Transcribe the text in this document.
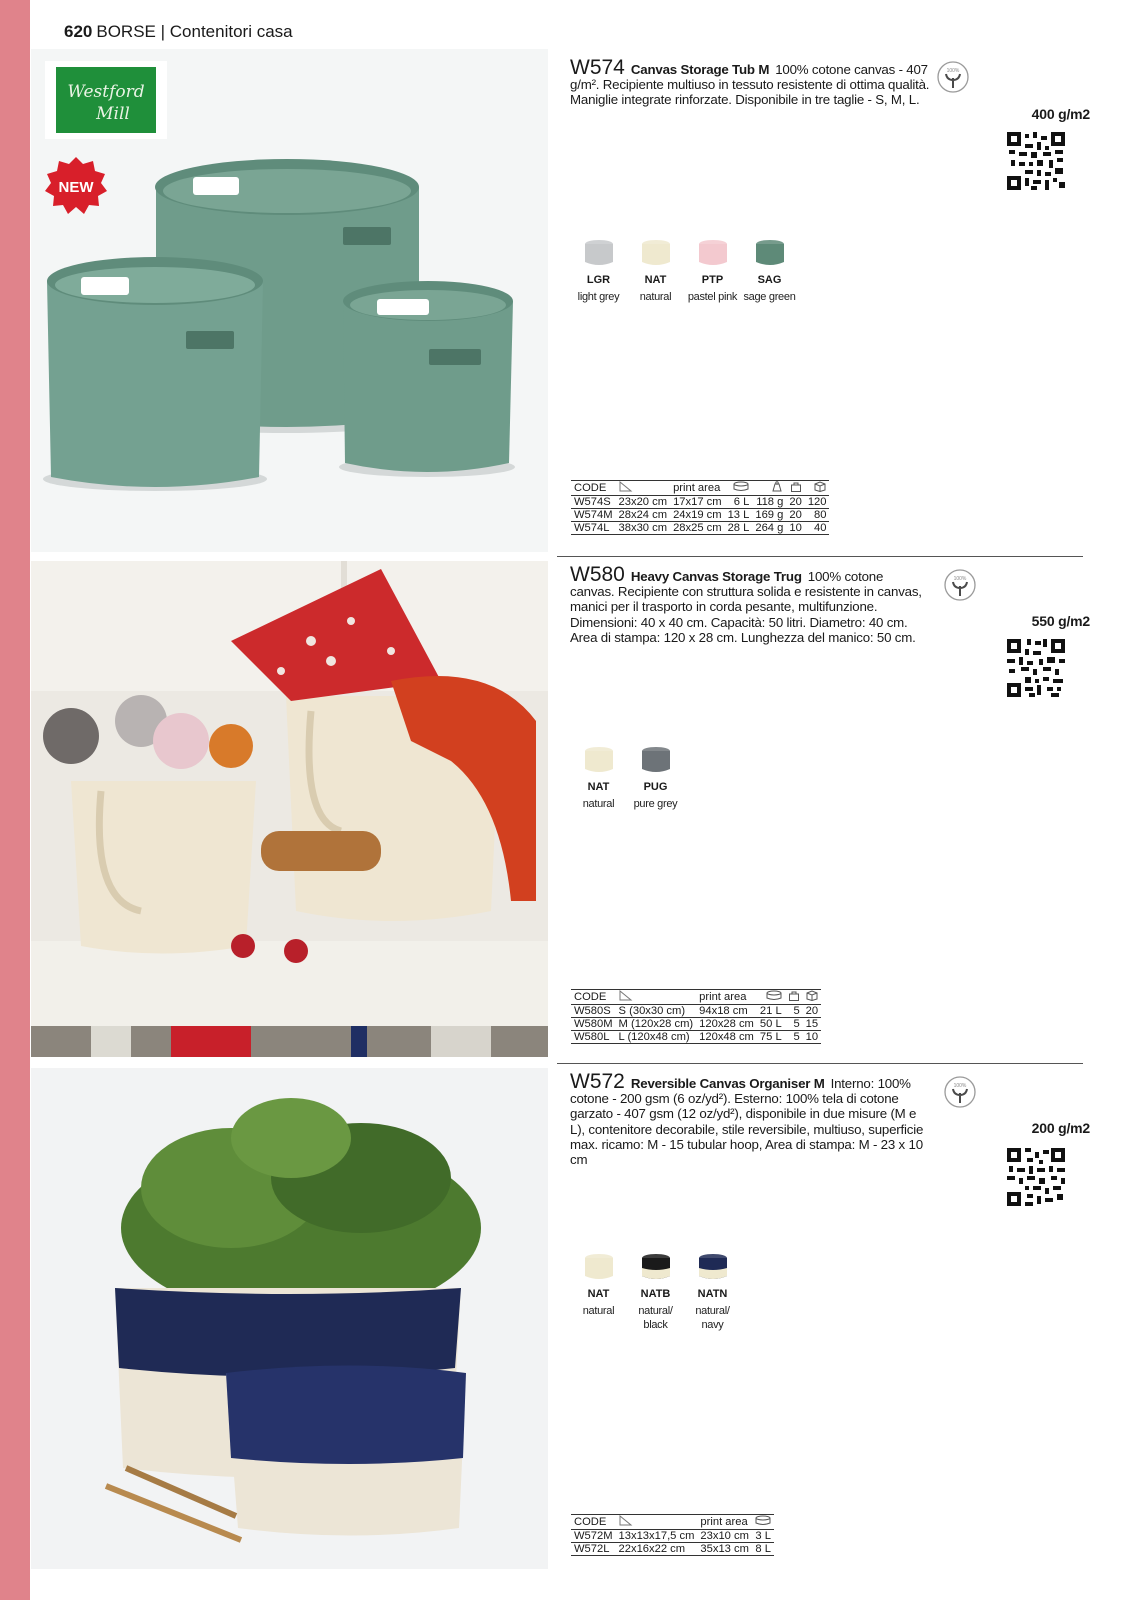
620 BORSE | Contenitori casa
Westford
Mill
NEW

W574 Canvas Storage Tub M 100% cotone canvas - 407 g/m². Recipiente multiuso in tessuto resistente di ottima qualità. Maniglie integrate rinforzate. Disponibile in tre taglie - S, M, L.

100%
400 g/m2
LGR
light grey
NAT
natural
PTP
pastel pink
SAG
sage green
CODE		print area				
W574S	23x20 cm	17x17 cm	6 L	118 g	20	120
W574M	28x24 cm	24x19 cm	13 L	169 g	20	80
W574L	38x30 cm	28x25 cm	28 L	264 g	10	40

W580 Heavy Canvas Storage Trug 100% cotone canvas. Recipiente con struttura solida e resistente in canvas, manici per il trasporto in corda pesante, multifunzione. Dimensioni: 40 x 40 cm. Capacità: 50 litri. Diametro: 40 cm. Area di stampa: 120 x 28 cm. Lunghezza del manico: 50 cm.

100%
550 g/m2
NAT
natural
PUG
pure grey
CODE		print area			
W580S	S (30x30 cm)	94x18 cm	21 L	5	20
W580M	M (120x28 cm)	120x28 cm	50 L	5	15
W580L	L (120x48 cm)	120x48 cm	75 L	5	10

W572 Reversible Canvas Organiser M Interno: 100% cotone - 200 gsm (6 oz/yd²). Esterno: 100% tela di cotone garzato - 407 gsm (12 oz/yd²), disponibile in due misure (M e L), contenitore decorabile, stile reversibile, multiuso, superficie max. ricamo: M - 15 tubular hoop, Area di stampa: M - 23 x 10 cm

100%
200 g/m2
NAT
natural
NATB
natural/ black
NATN
natural/ navy
CODE		print area	
W572M	13x13x17,5 cm	23x10 cm	3 L
W572L	22x16x22 cm	35x13 cm	8 L
